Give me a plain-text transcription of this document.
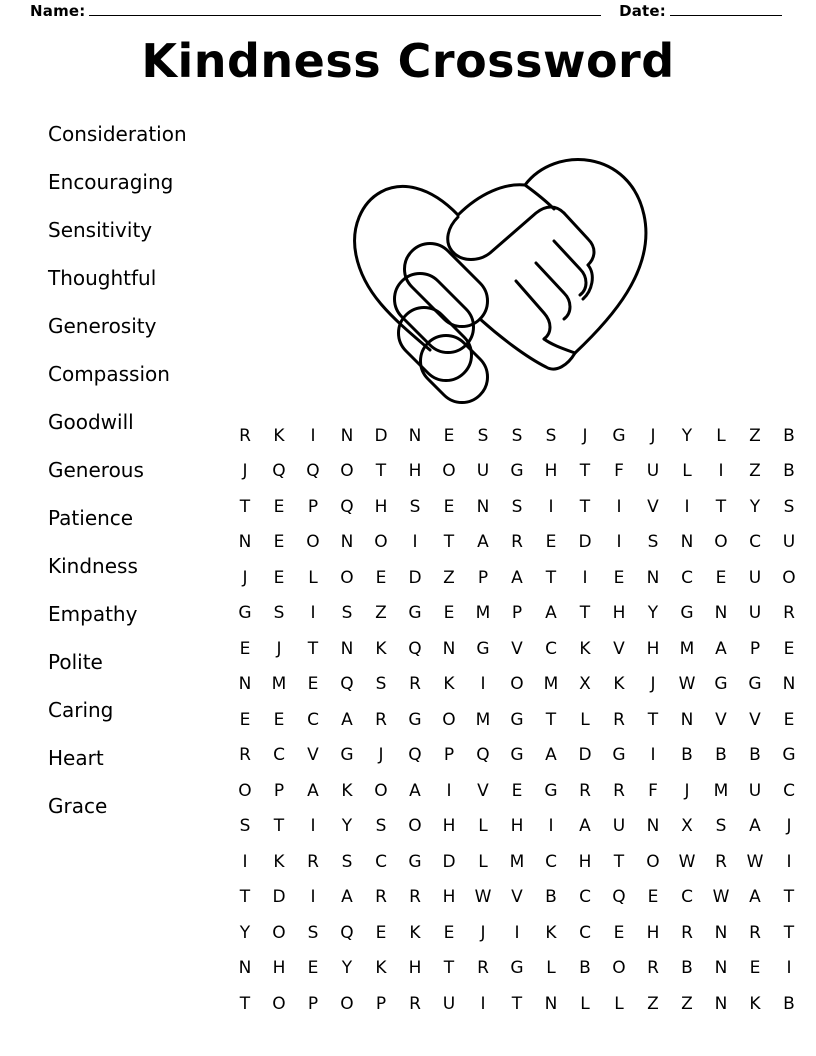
Name:	Date:
Kindness Crossword
Consideration
Encouraging
Sensitivity
Thoughtful
Generosity
Compassion
Goodwill
Generous
Patience
Kindness
Empathy
Polite
Caring
Heart
Grace
R	K	I	N	D	N	E	S	S	S	J	G	J	Y	L	Z	B
J	Q	Q	O	T	H	O	U	G	H	T	F	U	L	I	Z	B
T	E	P	Q	H	S	E	N	S	I	T	I	V	I	T	Y	S
N	E	O	N	O	I	T	A	R	E	D	I	S	N	O	C	U
J	E	L	O	E	D	Z	P	A	T	I	E	N	C	E	U	O
G	S	I	S	Z	G	E	M	P	A	T	H	Y	G	N	U	R
E	J	T	N	K	Q	N	G	V	C	K	V	H	M	A	P	E
N	M	E	Q	S	R	K	I	O	M	X	K	J	W	G	G	N
E	E	C	A	R	G	O	M	G	T	L	R	T	N	V	V	E
R	C	V	G	J	Q	P	Q	G	A	D	G	I	B	B	B	G
O	P	A	K	O	A	I	V	E	G	R	R	F	J	M	U	C
S	T	I	Y	S	O	H	L	H	I	A	U	N	X	S	A	J
I	K	R	S	C	G	D	L	M	C	H	T	O	W	R	W	I
T	D	I	A	R	R	H	W	V	B	C	Q	E	C	W	A	T
Y	O	S	Q	E	K	E	J	I	K	C	E	H	R	N	R	T
N	H	E	Y	K	H	T	R	G	L	B	O	R	B	N	E	I
T	O	P	O	P	R	U	I	T	N	L	L	Z	Z	N	K	B
